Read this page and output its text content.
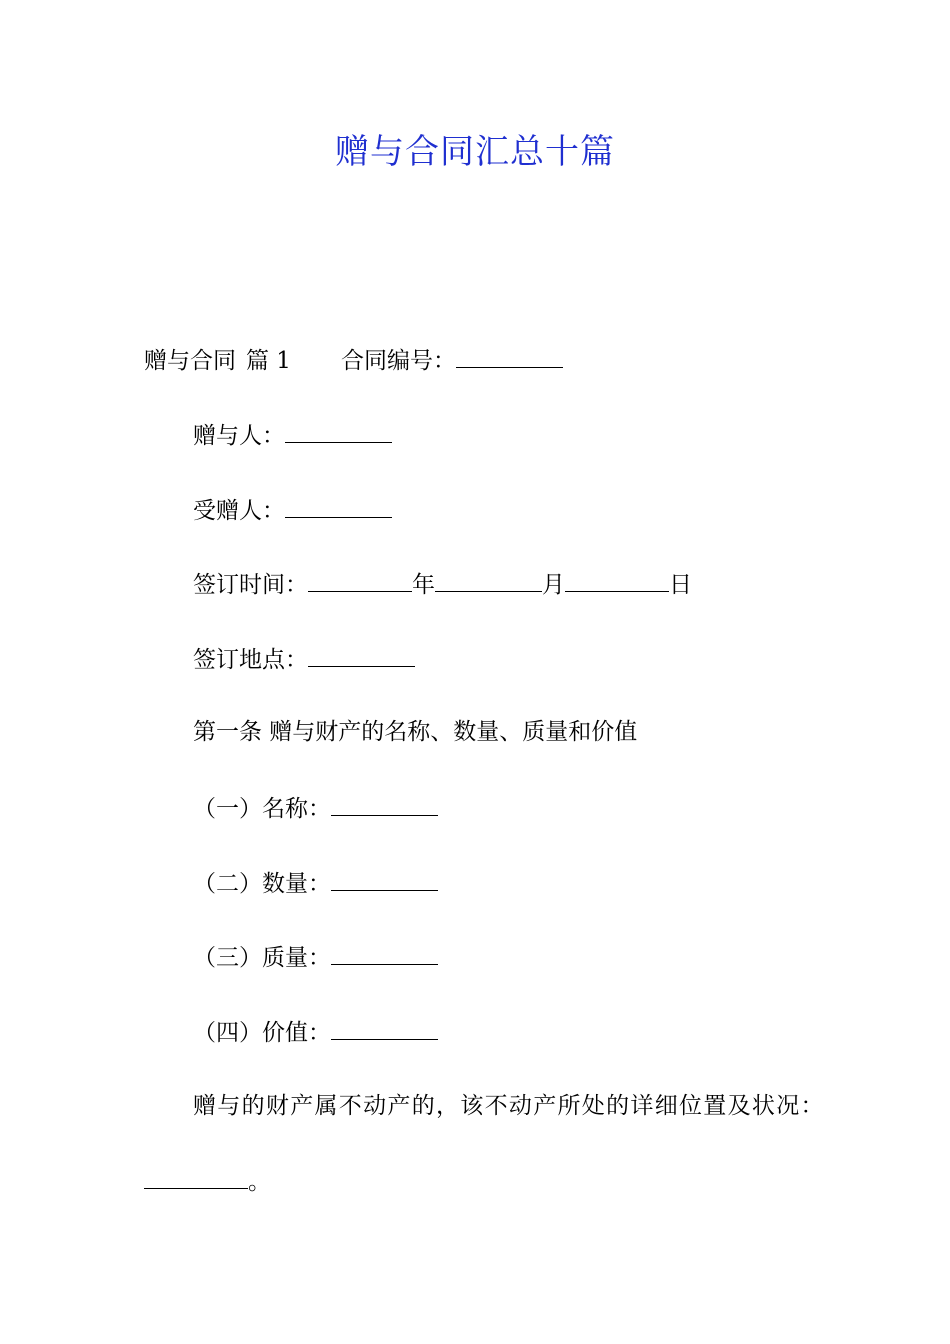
赠与合同汇总十篇
赠与合同 篇 1 合同编号：
赠与人：
受赠人：
签订时间：	年	月	日
签订地点：
第一条 赠与财产的名称、数量、质量和价值
（一）名称：
（二）数量：
（三）质量：
（四）价值：
赠与的财产属不动产的，该不动产所处的详细位置及状况：
。
